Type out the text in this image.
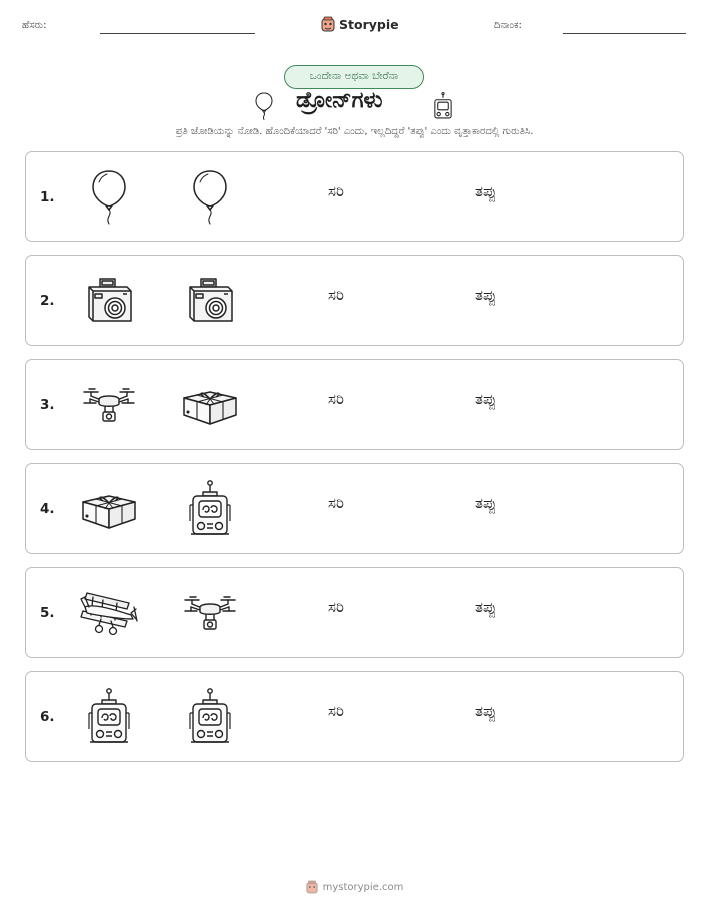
ಹೆಸರು:	Storypie	ದಿನಾಂಕ:
ಒಂದೇನಾ ಅಥವಾ ಬೇರೆನಾ
ಡ್ರೋನ್‌ಗಳು
ಪ್ರತಿ ಜೋಡಿಯನ್ನು ನೋಡಿ. ಹೊಂದಿಕೆಯಾದರೆ 'ಸರಿ' ಎಂದು, ಇಲ್ಲದಿದ್ದರೆ 'ತಪ್ಪು' ಎಂದು ವೃತ್ತಾಕಾರದಲ್ಲಿ ಗುರುತಿಸಿ.
1.	ಸರಿ	ತಪ್ಪು
2.	ಸರಿ	ತಪ್ಪು
3.	ಸರಿ	ತಪ್ಪು
4.	ಸರಿ	ತಪ್ಪು
5.	ಸರಿ	ತಪ್ಪು
6.	ಸರಿ	ತಪ್ಪು
mystorypie.com
